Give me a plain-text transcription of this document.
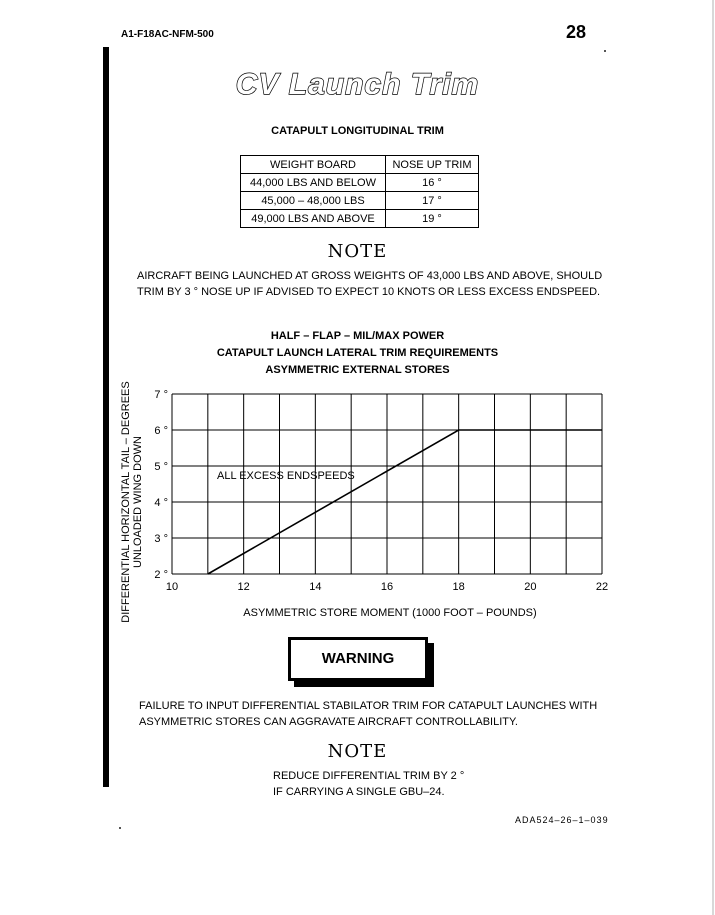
A1-F18AC-NFM-500	28
CV Launch Trim
CATAPULT LONGITUDINAL TRIM
WEIGHT BOARD	NOSE UP TRIM
44,000 LBS AND BELOW	16 °
45,000 – 48,000 LBS	17 °
49,000 LBS AND ABOVE	19 °
NOTE
AIRCRAFT BEING LAUNCHED AT GROSS WEIGHTS OF 43,000 LBS AND ABOVE, SHOULD
TRIM BY 3 ° NOSE UP IF ADVISED TO EXPECT 10 KNOTS OR LESS EXCESS ENDSPEED.
HALF – FLAP – MIL/MAX POWER
CATAPULT LAUNCH LATERAL TRIM REQUIREMENTS
ASYMMETRIC EXTERNAL STORES
10	12	14	16	18	20	22
2 °
3 °
4 °
5 °
6 °
7 °
ALL EXCESS ENDSPEEDS
ASYMMETRIC STORE MOMENT (1000 FOOT – POUNDS)
DIFFERENTIAL HORIZONTAL TAIL – DEGREES UNLOADED WING DOWN
WARNING
FAILURE TO INPUT DIFFERENTIAL STABILATOR TRIM FOR CATAPULT LAUNCHES WITH
ASYMMETRIC STORES CAN AGGRAVATE AIRCRAFT CONTROLLABILITY.
NOTE
REDUCE DIFFERENTIAL TRIM BY 2 °
IF CARRYING A SINGLE GBU–24.
ADA524–26–1–039
